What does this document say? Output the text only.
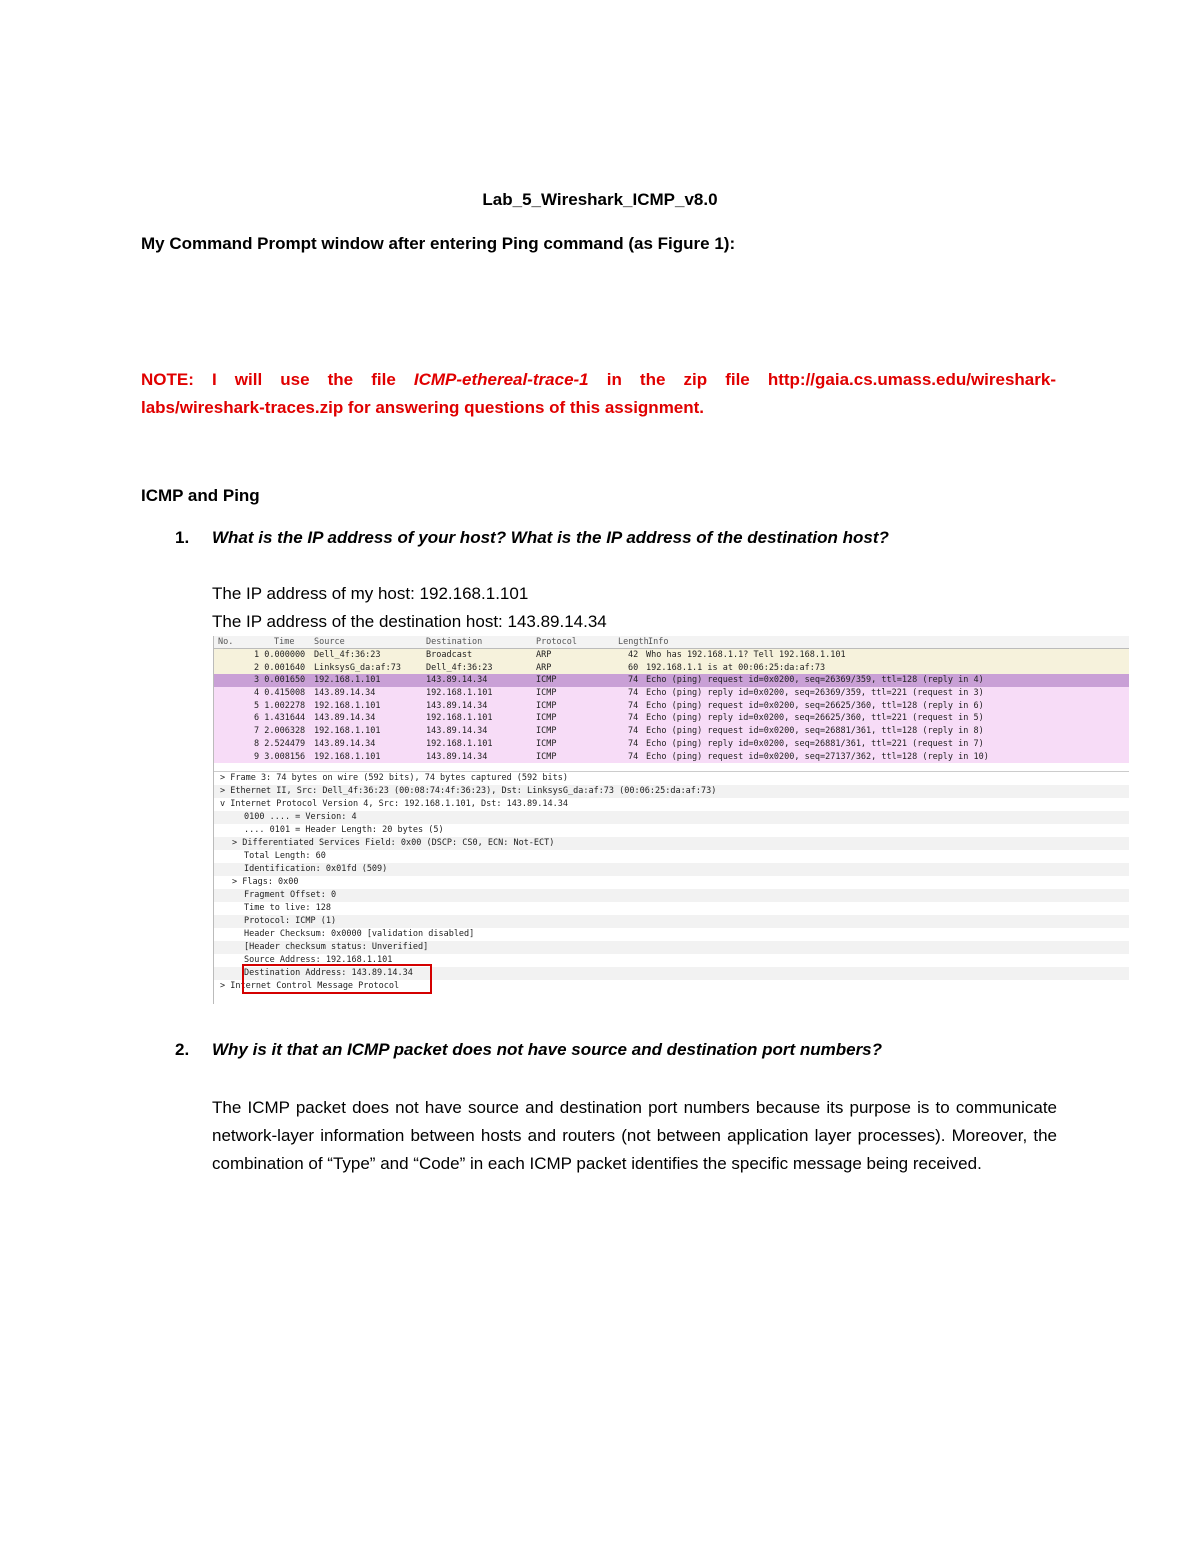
Lab_5_Wireshark_ICMP_v8.0
My Command Prompt window after entering Ping command (as Figure 1):
NOTE: I will use the file ICMP-ethereal-trace-1 in the zip file http://gaia.cs.umass.edu/wireshark-
labs/wireshark-traces.zip for answering questions of this assignment.
ICMP and Ping
1. What is the IP address of your host? What is the IP address of the destination host?
The IP address of my host: 192.168.1.101
The IP address of the destination host: 143.89.14.34
No.	Time Source	Destination	Protocol	Length Info
1 0.000000 Dell_4f:36:23	Broadcast	ARP	42 Who has 192.168.1.1? Tell 192.168.1.101
2 0.001640 LinksysG_da:af:73	Dell_4f:36:23	ARP	60 192.168.1.1 is at 00:06:25:da:af:73
3 0.001650 192.168.1.101	143.89.14.34	ICMP	74 Echo (ping) request id=0x0200, seq=26369/359, ttl=128 (reply in 4)
4 0.415008 143.89.14.34	192.168.1.101	ICMP	74 Echo (ping) reply id=0x0200, seq=26369/359, ttl=221 (request in 3)
5 1.002278 192.168.1.101	143.89.14.34	ICMP	74 Echo (ping) request id=0x0200, seq=26625/360, ttl=128 (reply in 6)
6 1.431644 143.89.14.34	192.168.1.101	ICMP	74 Echo (ping) reply id=0x0200, seq=26625/360, ttl=221 (request in 5)
7 2.006328 192.168.1.101	143.89.14.34	ICMP	74 Echo (ping) request id=0x0200, seq=26881/361, ttl=128 (reply in 8)
8 2.524479 143.89.14.34	192.168.1.101	ICMP	74 Echo (ping) reply id=0x0200, seq=26881/361, ttl=221 (request in 7)
9 3.008156 192.168.1.101	143.89.14.34	ICMP	74 Echo (ping) request id=0x0200, seq=27137/362, ttl=128 (reply in 10)
> Frame 3: 74 bytes on wire (592 bits), 74 bytes captured (592 bits)
> Ethernet II, Src: Dell_4f:36:23 (00:08:74:4f:36:23), Dst: LinksysG_da:af:73 (00:06:25:da:af:73)
v Internet Protocol Version 4, Src: 192.168.1.101, Dst: 143.89.14.34
0100 .... = Version: 4
.... 0101 = Header Length: 20 bytes (5)
> Differentiated Services Field: 0x00 (DSCP: CS0, ECN: Not-ECT)
Total Length: 60
Identification: 0x01fd (509)
> Flags: 0x00
Fragment Offset: 0
Time to live: 128
Protocol: ICMP (1)
Header Checksum: 0x0000 [validation disabled]
[Header checksum status: Unverified]
Source Address: 192.168.1.101
Destination Address: 143.89.14.34
> Internet Control Message Protocol
2. Why is it that an ICMP packet does not have source and destination port numbers?
The ICMP packet does not have source and destination port numbers because its purpose is to communicate network-layer information between hosts and routers (not between application layer processes). Moreover, the combination of “Type” and “Code” in each ICMP packet identifies the specific message being received.
